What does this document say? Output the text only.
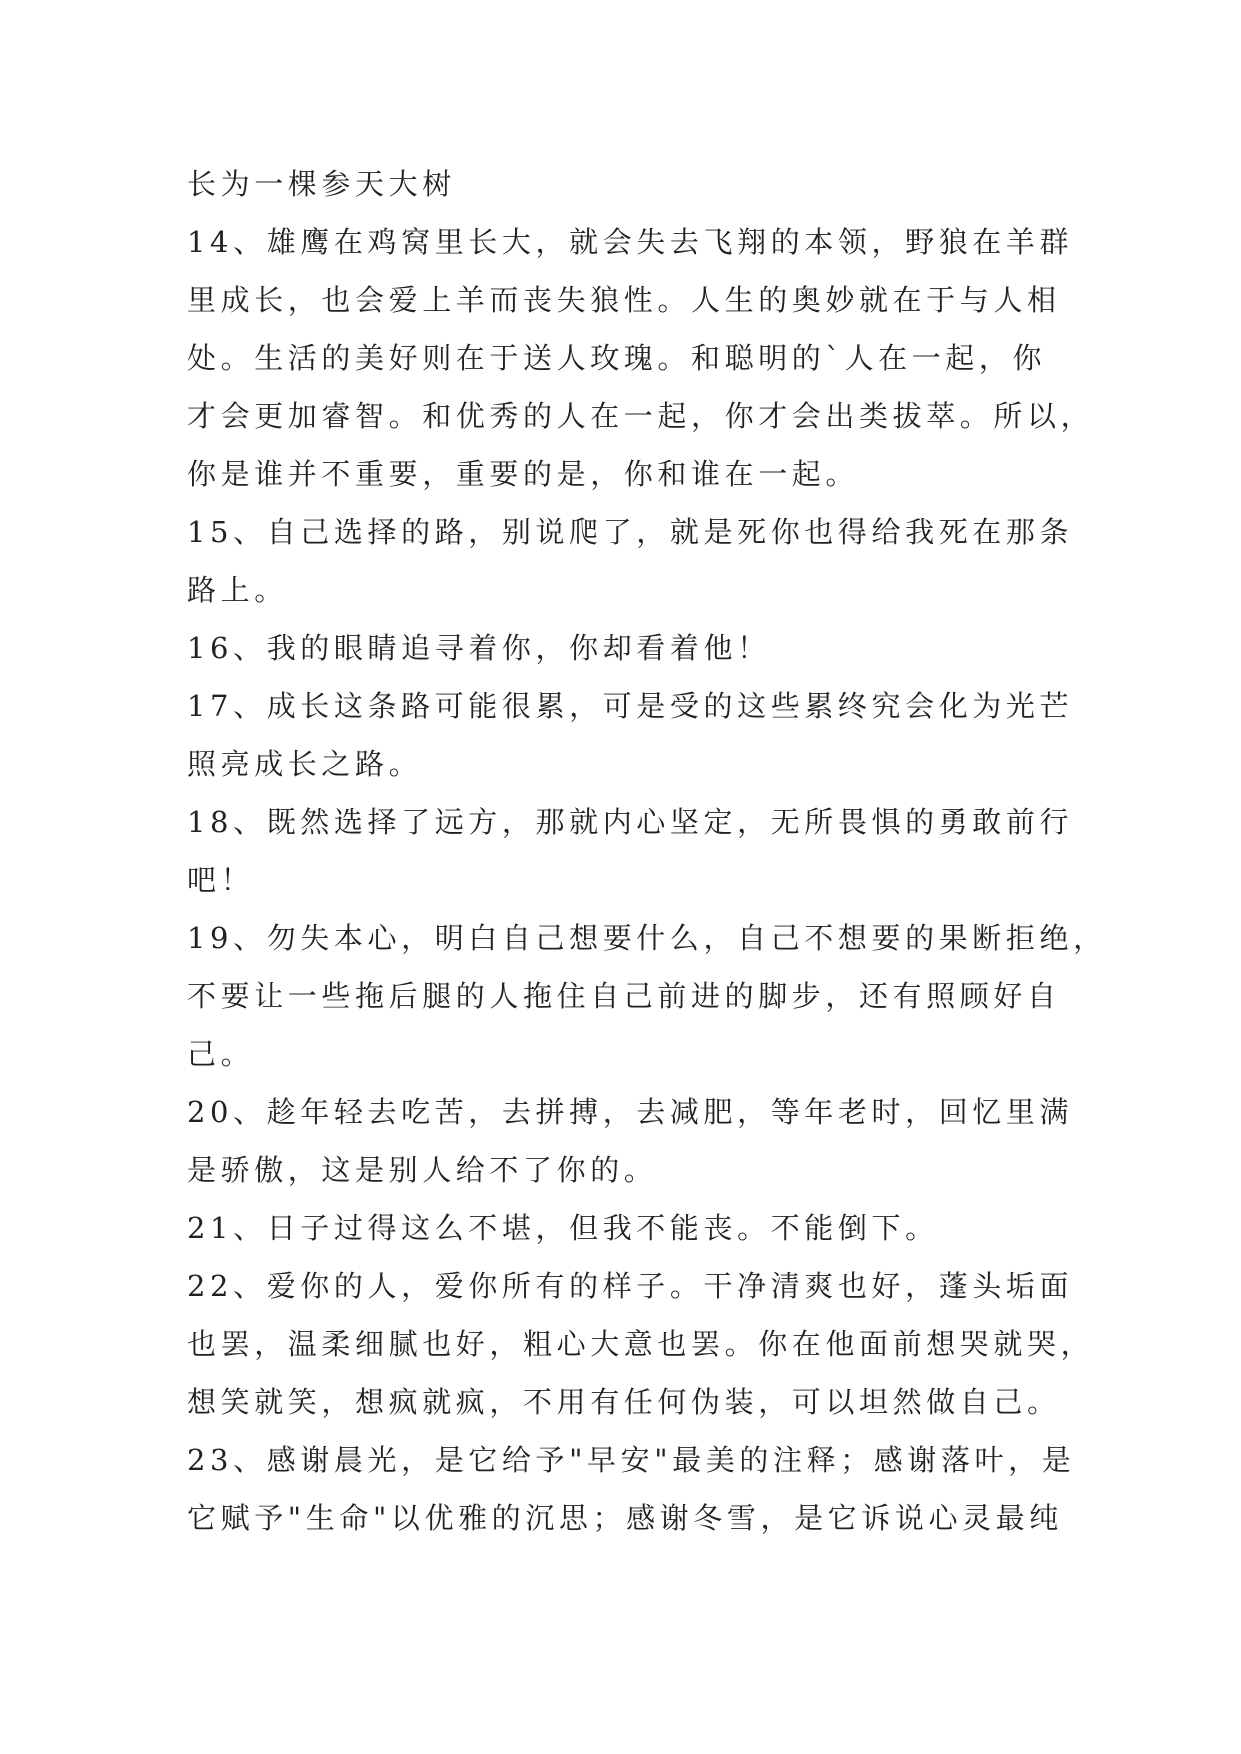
长为一棵参天大树
14、雄鹰在鸡窝里长大，就会失去飞翔的本领，野狼在羊群
里成长，也会爱上羊而丧失狼性。人生的奥妙就在于与人相
处。生活的美好则在于送人玫瑰。和聪明的`人在一起，你
才会更加睿智。和优秀的人在一起，你才会出类拔萃。所以，
你是谁并不重要，重要的是，你和谁在一起。
15、自己选择的路，别说爬了，就是死你也得给我死在那条
路上。
16、我的眼睛追寻着你，你却看着他！
17、成长这条路可能很累，可是受的这些累终究会化为光芒
照亮成长之路。
18、既然选择了远方，那就内心坚定，无所畏惧的勇敢前行
吧！
19、勿失本心，明白自己想要什么，自己不想要的果断拒绝，
不要让一些拖后腿的人拖住自己前进的脚步，还有照顾好自
己。
20、趁年轻去吃苦，去拼搏，去减肥，等年老时，回忆里满
是骄傲，这是别人给不了你的。
21、日子过得这么不堪，但我不能丧。不能倒下。
22、爱你的人，爱你所有的样子。干净清爽也好，蓬头垢面
也罢，温柔细腻也好，粗心大意也罢。你在他面前想哭就哭，
想笑就笑，想疯就疯，不用有任何伪装，可以坦然做自己。
23、感谢晨光，是它给予"早安"最美的注释；感谢落叶，是
它赋予"生命"以优雅的沉思；感谢冬雪，是它诉说心灵最纯
